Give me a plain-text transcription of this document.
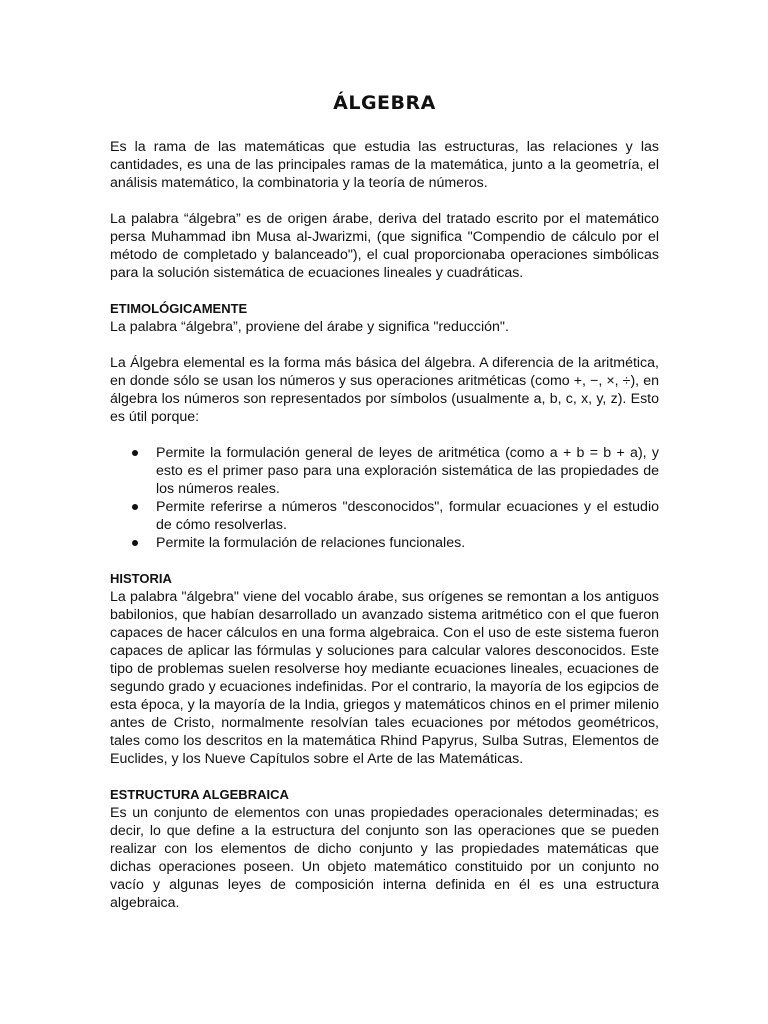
ÁLGEBRA

Es la rama de las matemáticas que estudia las estructuras, las relaciones y las cantidades, es una de las principales ramas de la matemática, junto a la geometría, el análisis matemático, la combinatoria y la teoría de números.

La palabra “álgebra” es de origen árabe, deriva del tratado escrito por el matemático persa Muhammad ibn Musa al-Jwarizmi, (que significa "Compendio de cálculo por el método de completado y balanceado"), el cual proporcionaba operaciones simbólicas para la solución sistemática de ecuaciones lineales y cuadráticas.

ETIMOLÓGICAMENTE

La palabra “álgebra”, proviene del árabe y significa "reducción".

La Álgebra elemental es la forma más básica del álgebra. A diferencia de la aritmética, en donde sólo se usan los números y sus operaciones aritméticas (como +, −, ×, ÷), en álgebra los números son representados por símbolos (usualmente a, b, c, x, y, z). Esto es útil porque:

Permite la formulación general de leyes de aritmética (como a + b = b + a), y esto es el primer paso para una exploración sistemática de las propiedades de los números reales.
Permite referirse a números "desconocidos", formular ecuaciones y el estudio de cómo resolverlas.
Permite la formulación de relaciones funcionales.
HISTORIA

La palabra "álgebra" viene del vocablo árabe, sus orígenes se remontan a los antiguos babilonios, que habían desarrollado un avanzado sistema aritmético con el que fueron capaces de hacer cálculos en una forma algebraica. Con el uso de este sistema fueron capaces de aplicar las fórmulas y soluciones para calcular valores desconocidos. Este tipo de problemas suelen resolverse hoy mediante ecuaciones lineales, ecuaciones de segundo grado y ecuaciones indefinidas. Por el contrario, la mayoría de los egipcios de esta época, y la mayoría de la India, griegos y matemáticos chinos en el primer milenio antes de Cristo, normalmente resolvían tales ecuaciones por métodos geométricos, tales como los descritos en la matemática Rhind Papyrus, Sulba Sutras, Elementos de Euclides, y los Nueve Capítulos sobre el Arte de las Matemáticas.

ESTRUCTURA ALGEBRAICA

Es un conjunto de elementos con unas propiedades operacionales determinadas; es decir, lo que define a la estructura del conjunto son las operaciones que se pueden realizar con los elementos de dicho conjunto y las propiedades matemáticas que dichas operaciones poseen. Un objeto matemático constituido por un conjunto no vacío y algunas leyes de composición interna definida en él es una estructura algebraica.
